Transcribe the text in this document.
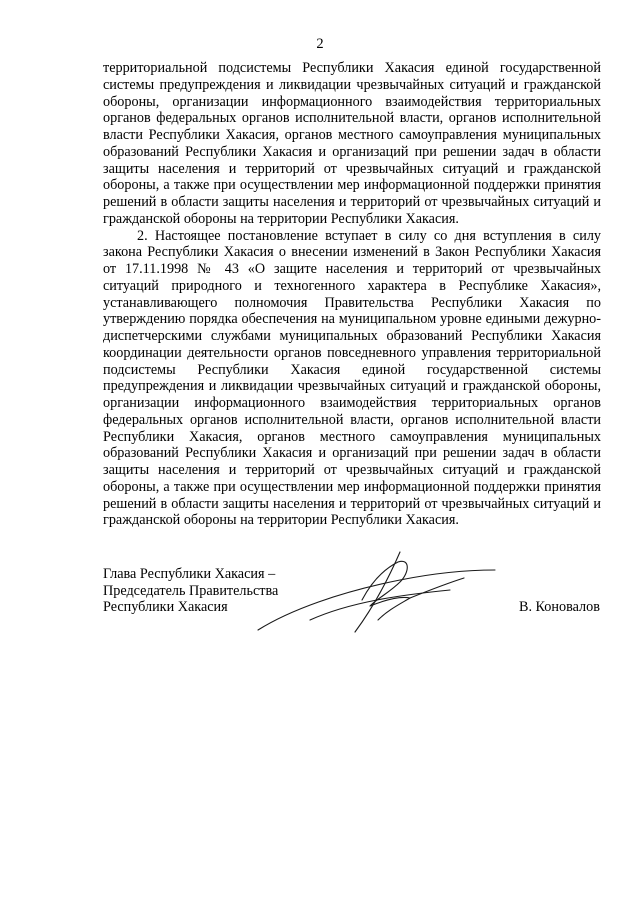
2

территориальной подсистемы Республики Хакасия единой государственной системы предупреждения и ликвидации чрезвычайных ситуаций и гражданской обороны, организации информационного взаимодействия территориальных органов федеральных органов исполнительной власти, органов исполнительной власти Республики Хакасия, органов местного самоуправления муниципальных образований Республики Хакасия и организаций при решении задач в области защиты населения и территорий от чрезвычайных ситуаций и гражданской обороны, а также при осуществлении мер информационной поддержки принятия решений в области защиты населения и территорий от чрезвычайных ситуаций и гражданской обороны на территории Республики Хакасия.

2. Настоящее постановление вступает в силу со дня вступления в силу закона Республики Хакасия о внесении изменений в Закон Республики Хакасия от 17.11.1998 № 43 «О защите населения и территорий от чрезвычайных ситуаций природного и техногенного характера в Республике Хакасия», устанавливающего полномочия Правительства Республики Хакасия по утверждению порядка обеспечения на муниципальном уровне едиными дежурно-диспетчерскими службами муниципальных образований Республики Хакасия координации деятельности органов повседневного управления территориальной подсистемы Республики Хакасия единой государственной системы предупреждения и ликвидации чрезвычайных ситуаций и гражданской обороны, организации информационного взаимодействия территориальных органов федеральных органов исполнительной власти, органов исполнительной власти Республики Хакасия, органов местного самоуправления муниципальных образований Республики Хакасия и организаций при решении задач в области защиты населения и территорий от чрезвычайных ситуаций и гражданской обороны, а также при осуществлении мер информационной поддержки принятия решений в области защиты населения и территорий от чрезвычайных ситуаций и гражданской обороны на территории Республики Хакасия.

Глава Республики Хакасия –
Председатель Правительства
Республики Хакасия	В. Коновалов
